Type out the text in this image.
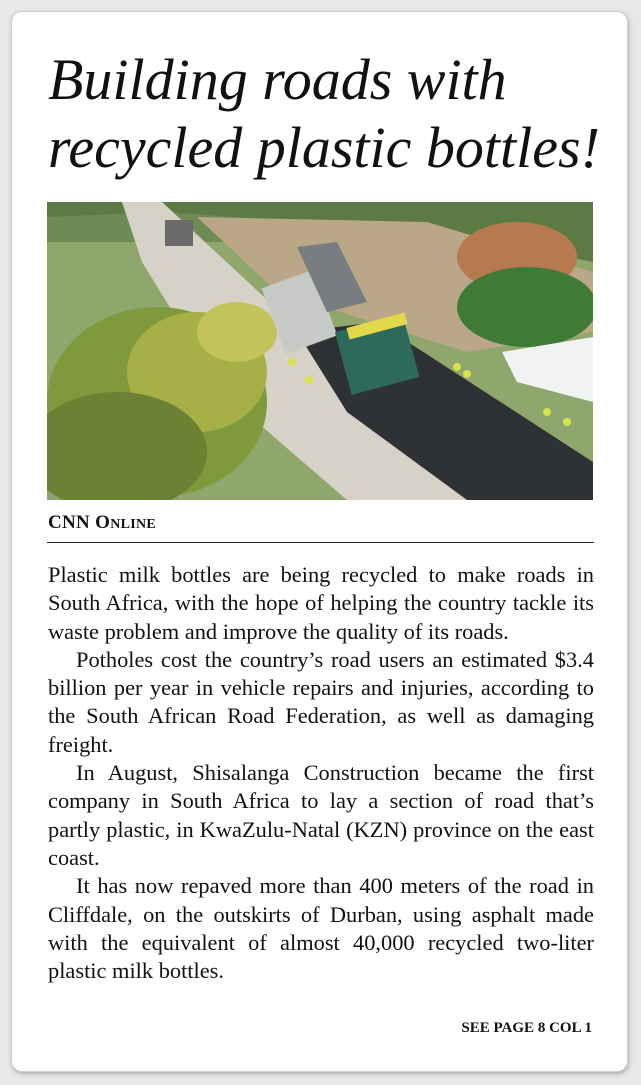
Building roads with recycled plastic bottles!
CNN ONLINE

Plastic milk bottles are being recycled to make roads in South Africa, with the hope of helping the country tackle its waste problem and improve the quality of its roads.

Potholes cost the country’s road users an estimated $3.4 billion per year in vehicle repairs and injuries, according to the South African Road Federation, as well as damaging freight.

In August, Shisalanga Construction became the first company in South Africa to lay a section of road that’s partly plastic, in KwaZulu-Natal (KZN) province on the east coast.

It has now repaved more than 400 meters of the road in Cliffdale, on the outskirts of Durban, using asphalt made with the equivalent of almost 40,000 recycled two-liter plastic milk bottles.

SEE PAGE 8 COL 1
